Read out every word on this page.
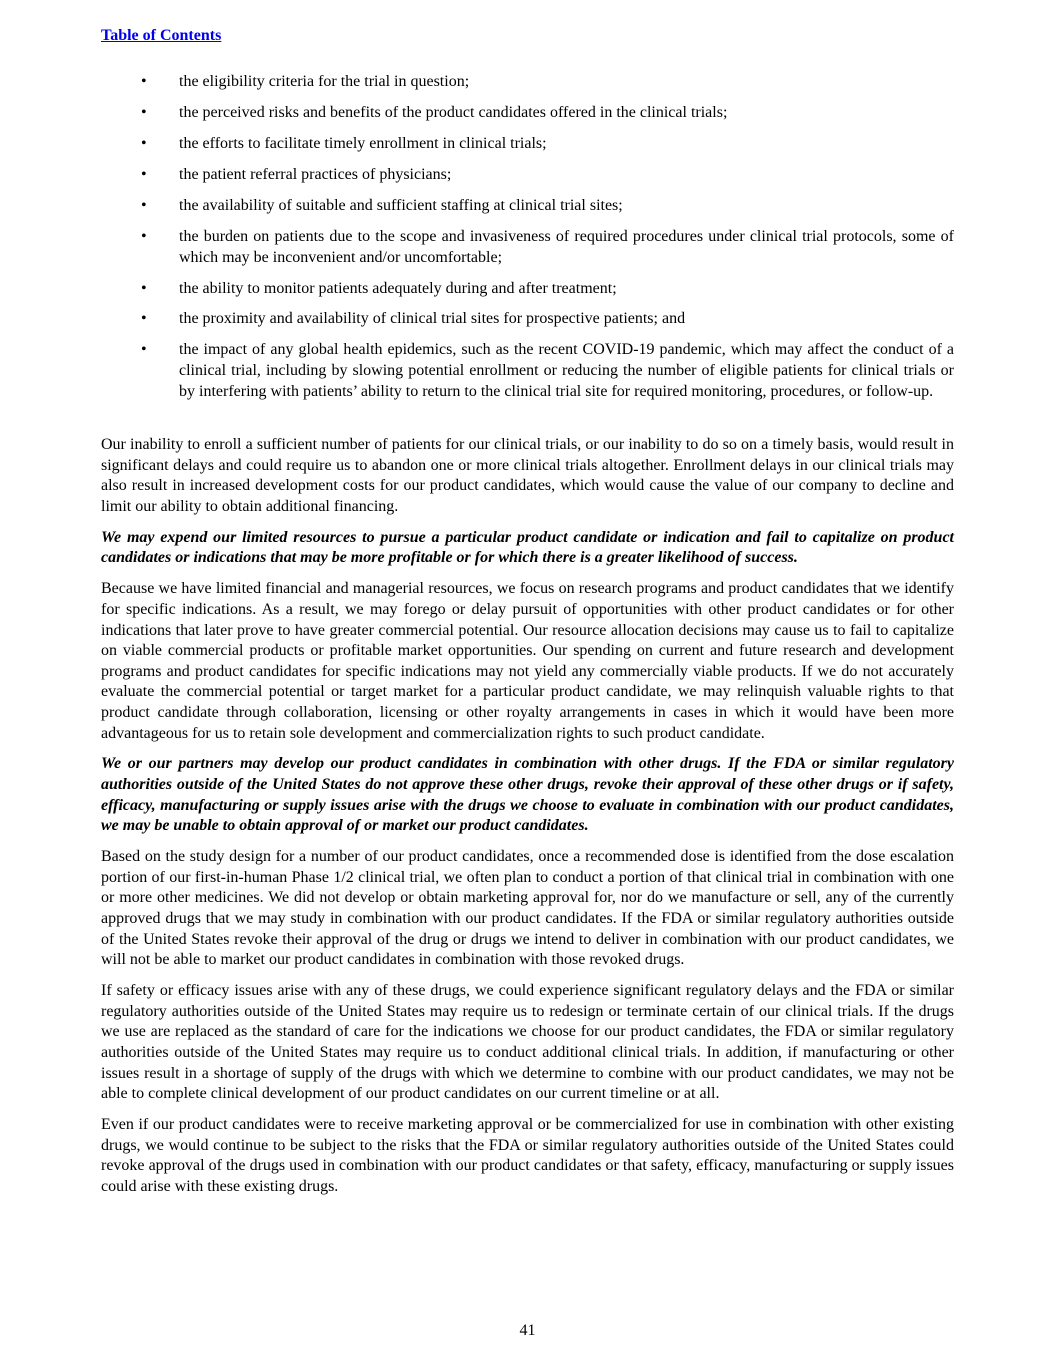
Table of Contents
• the eligibility criteria for the trial in question;
• the perceived risks and benefits of the product candidates offered in the clinical trials;
• the efforts to facilitate timely enrollment in clinical trials;
• the patient referral practices of physicians;
• the availability of suitable and sufficient staffing at clinical trial sites;
• the burden on patients due to the scope and invasiveness of required procedures under clinical trial protocols, some of which may be inconvenient and/or uncomfortable;
• the ability to monitor patients adequately during and after treatment;
• the proximity and availability of clinical trial sites for prospective patients; and
• the impact of any global health epidemics, such as the recent COVID-19 pandemic, which may affect the conduct of a clinical trial, including by slowing potential enrollment or reducing the number of eligible patients for clinical trials or by interfering with patients’ ability to return to the clinical trial site for required monitoring, procedures, or follow-up.

Our inability to enroll a sufficient number of patients for our clinical trials, or our inability to do so on a timely basis, would result in significant delays and could require us to abandon one or more clinical trials altogether. Enrollment delays in our clinical trials may also result in increased development costs for our product candidates, which would cause the value of our company to decline and limit our ability to obtain additional financing.

We may expend our limited resources to pursue a particular product candidate or indication and fail to capitalize on product candidates or indications that may be more profitable or for which there is a greater likelihood of success.

Because we have limited financial and managerial resources, we focus on research programs and product candidates that we identify for specific indications. As a result, we may forego or delay pursuit of opportunities with other product candidates or for other indications that later prove to have greater commercial potential. Our resource allocation decisions may cause us to fail to capitalize on viable commercial products or profitable market opportunities. Our spending on current and future research and development programs and product candidates for specific indications may not yield any commercially viable products. If we do not accurately evaluate the commercial potential or target market for a particular product candidate, we may relinquish valuable rights to that product candidate through collaboration, licensing or other royalty arrangements in cases in which it would have been more advantageous for us to retain sole development and commercialization rights to such product candidate.

We or our partners may develop our product candidates in combination with other drugs. If the FDA or similar regulatory authorities outside of the United States do not approve these other drugs, revoke their approval of these other drugs or if safety, efficacy, manufacturing or supply issues arise with the drugs we choose to evaluate in combination with our product candidates, we may be unable to obtain approval of or market our product candidates.

Based on the study design for a number of our product candidates, once a recommended dose is identified from the dose escalation portion of our first-in-human Phase 1/2 clinical trial, we often plan to conduct a portion of that clinical trial in combination with one or more other medicines. We did not develop or obtain marketing approval for, nor do we manufacture or sell, any of the currently approved drugs that we may study in combination with our product candidates. If the FDA or similar regulatory authorities outside of the United States revoke their approval of the drug or drugs we intend to deliver in combination with our product candidates, we will not be able to market our product candidates in combination with those revoked drugs.

If safety or efficacy issues arise with any of these drugs, we could experience significant regulatory delays and the FDA or similar regulatory authorities outside of the United States may require us to redesign or terminate certain of our clinical trials. If the drugs we use are replaced as the standard of care for the indications we choose for our product candidates, the FDA or similar regulatory authorities outside of the United States may require us to conduct additional clinical trials. In addition, if manufacturing or other issues result in a shortage of supply of the drugs with which we determine to combine with our product candidates, we may not be able to complete clinical development of our product candidates on our current timeline or at all.

Even if our product candidates were to receive marketing approval or be commercialized for use in combination with other existing drugs, we would continue to be subject to the risks that the FDA or similar regulatory authorities outside of the United States could revoke approval of the drugs used in combination with our product candidates or that safety, efficacy, manufacturing or supply issues could arise with these existing drugs.

41
